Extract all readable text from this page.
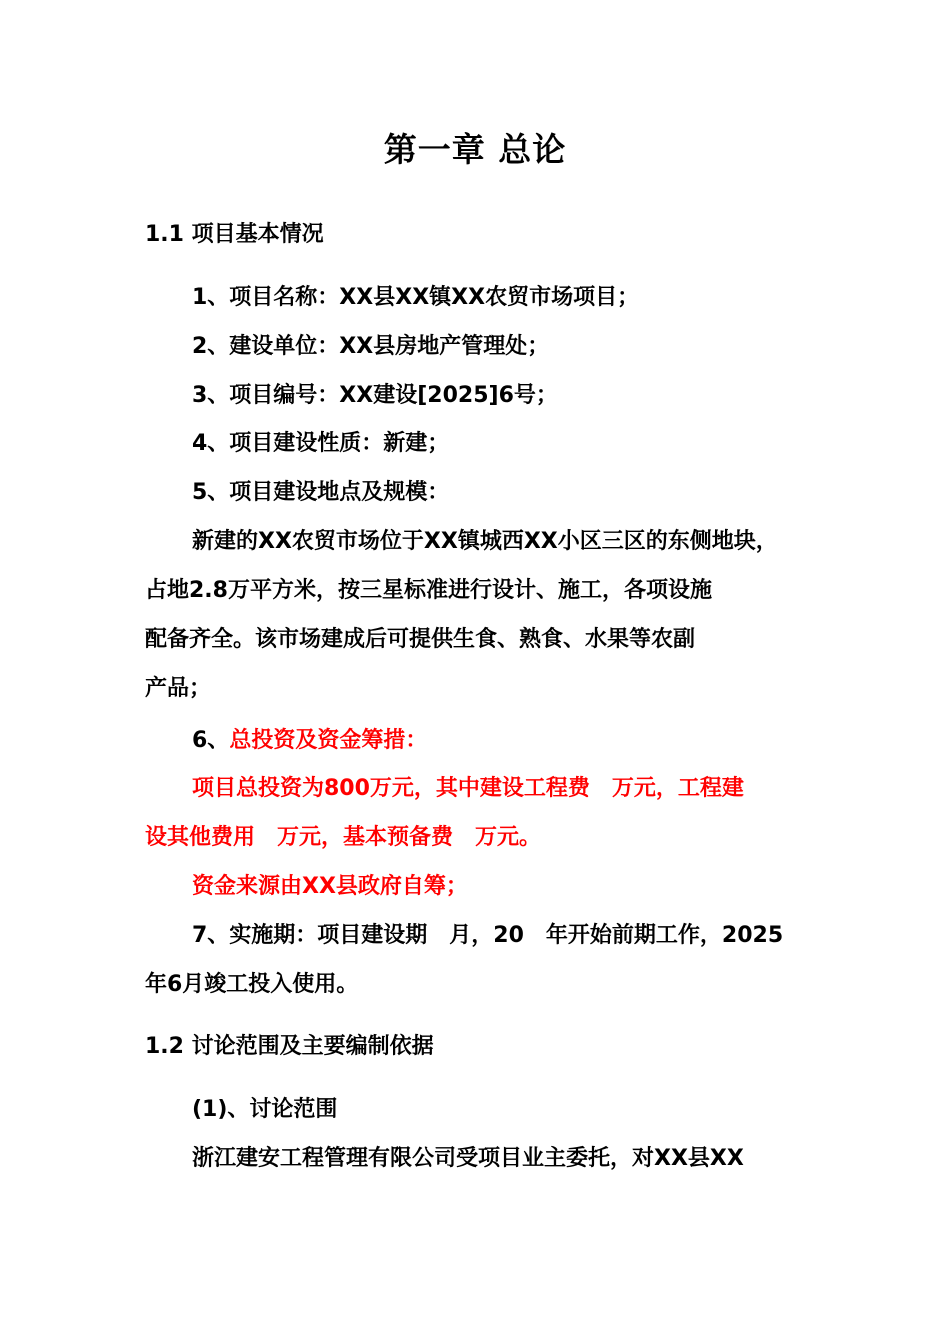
第一章 总论
1.1 项目基本情况
1、项目名称：XX县XX镇XX农贸市场项目；
2、建设单位：XX县房地产管理处；
3、项目编号：XX建设[2025]6号；
4、项目建设性质：新建；
5、项目建设地点及规模：
新建的XX农贸市场位于XX镇城西XX小区三区的东侧地块，
占地2.8万平方米，按三星标准进行设计、施工，各项设施
配备齐全。该市场建成后可提供生食、熟食、水果等农副
产品；
6、总投资及资金筹措：
项目总投资为800万元，其中建设工程费　万元，工程建
设其他费用　万元，基本预备费　万元。
资金来源由XX县政府自筹；
7、实施期：项目建设期　月，20　年开始前期工作，2025
年6月竣工投入使用。
1.2 讨论范围及主要编制依据
(1)、讨论范围
浙江建安工程管理有限公司受项目业主委托，对XX县XX
